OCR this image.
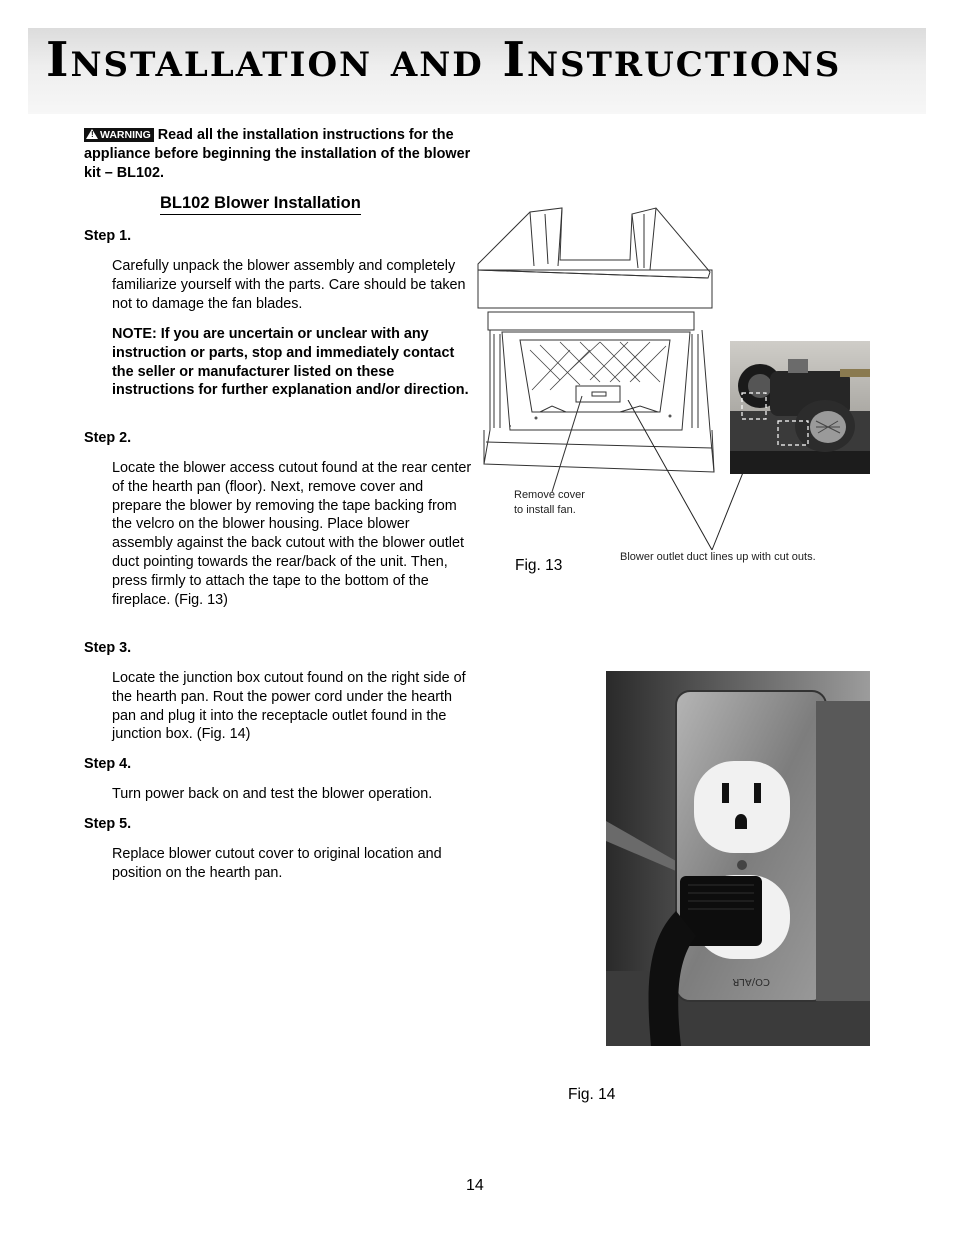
Installation and Instructions
! WARNING Read all the installation instructions for the appliance before beginning the installation of the blower kit – BL102.
BL102 Blower Installation
Step 1.
Carefully unpack the blower assembly and completely familiarize yourself with the parts. Care should be taken not to damage the fan blades.
NOTE: If you are uncertain or unclear with any instruction or parts, stop and immediately contact the seller or manufacturer listed on these instructions for further explanation and/or direction.
Step 2.
Locate the blower access cutout found at the rear center of the hearth pan (floor). Next, remove cover and prepare the blower by removing the tape backing from the velcro on the blower housing. Place blower assembly against the back cutout with the blower outlet duct pointing towards the rear/back of the unit. Then, press firmly to attach the tape to the bottom of the fireplace. (Fig. 13)
Step 3.
Locate the junction box cutout found on the right side of the hearth pan. Rout the power cord under the hearth pan and plug it into the receptacle outlet found in the junction box. (Fig. 14)
Step 4.
Turn power back on and test the blower operation.
Step 5.
Replace blower cutout cover to original location and position on the hearth pan.
Remove cover
to install fan.
Blower outlet duct lines up with cut outs.
Fig. 13
CO/ALR
Fig. 14
14
